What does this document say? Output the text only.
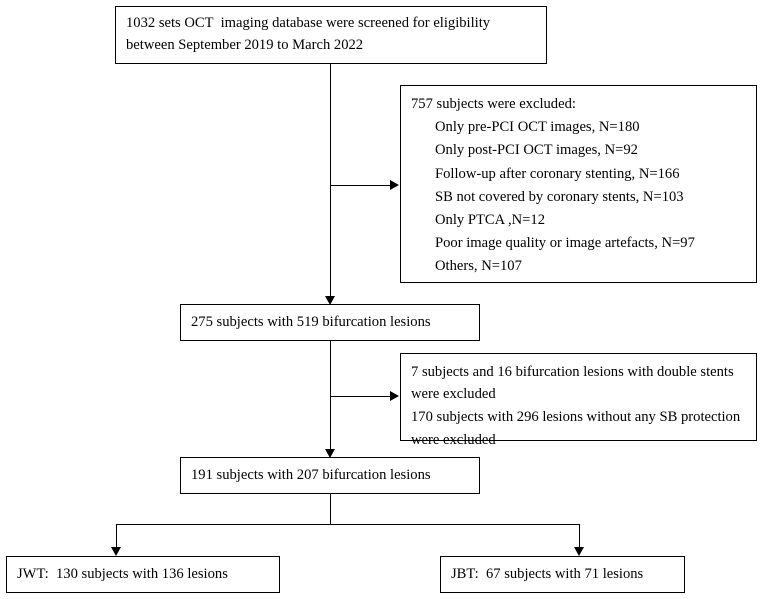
1032 sets OCT  imaging database were screened for eligibility between September 2019 to March 2022
757 subjects were excluded:
Only pre-PCI OCT images, N=180
Only post-PCI OCT images, N=92
Follow-up after coronary stenting, N=166
SB not covered by coronary stents, N=103
Only PTCA ,N=12
Poor image quality or image artefacts, N=97
Others, N=107
275 subjects with 519 bifurcation lesions
7 subjects and 16 bifurcation lesions with double stents were excluded
170 subjects with 296 lesions without any SB protection were excluded
191 subjects with 207 bifurcation lesions
JWT:  130 subjects with 136 lesions	JBT:  67 subjects with 71 lesions
